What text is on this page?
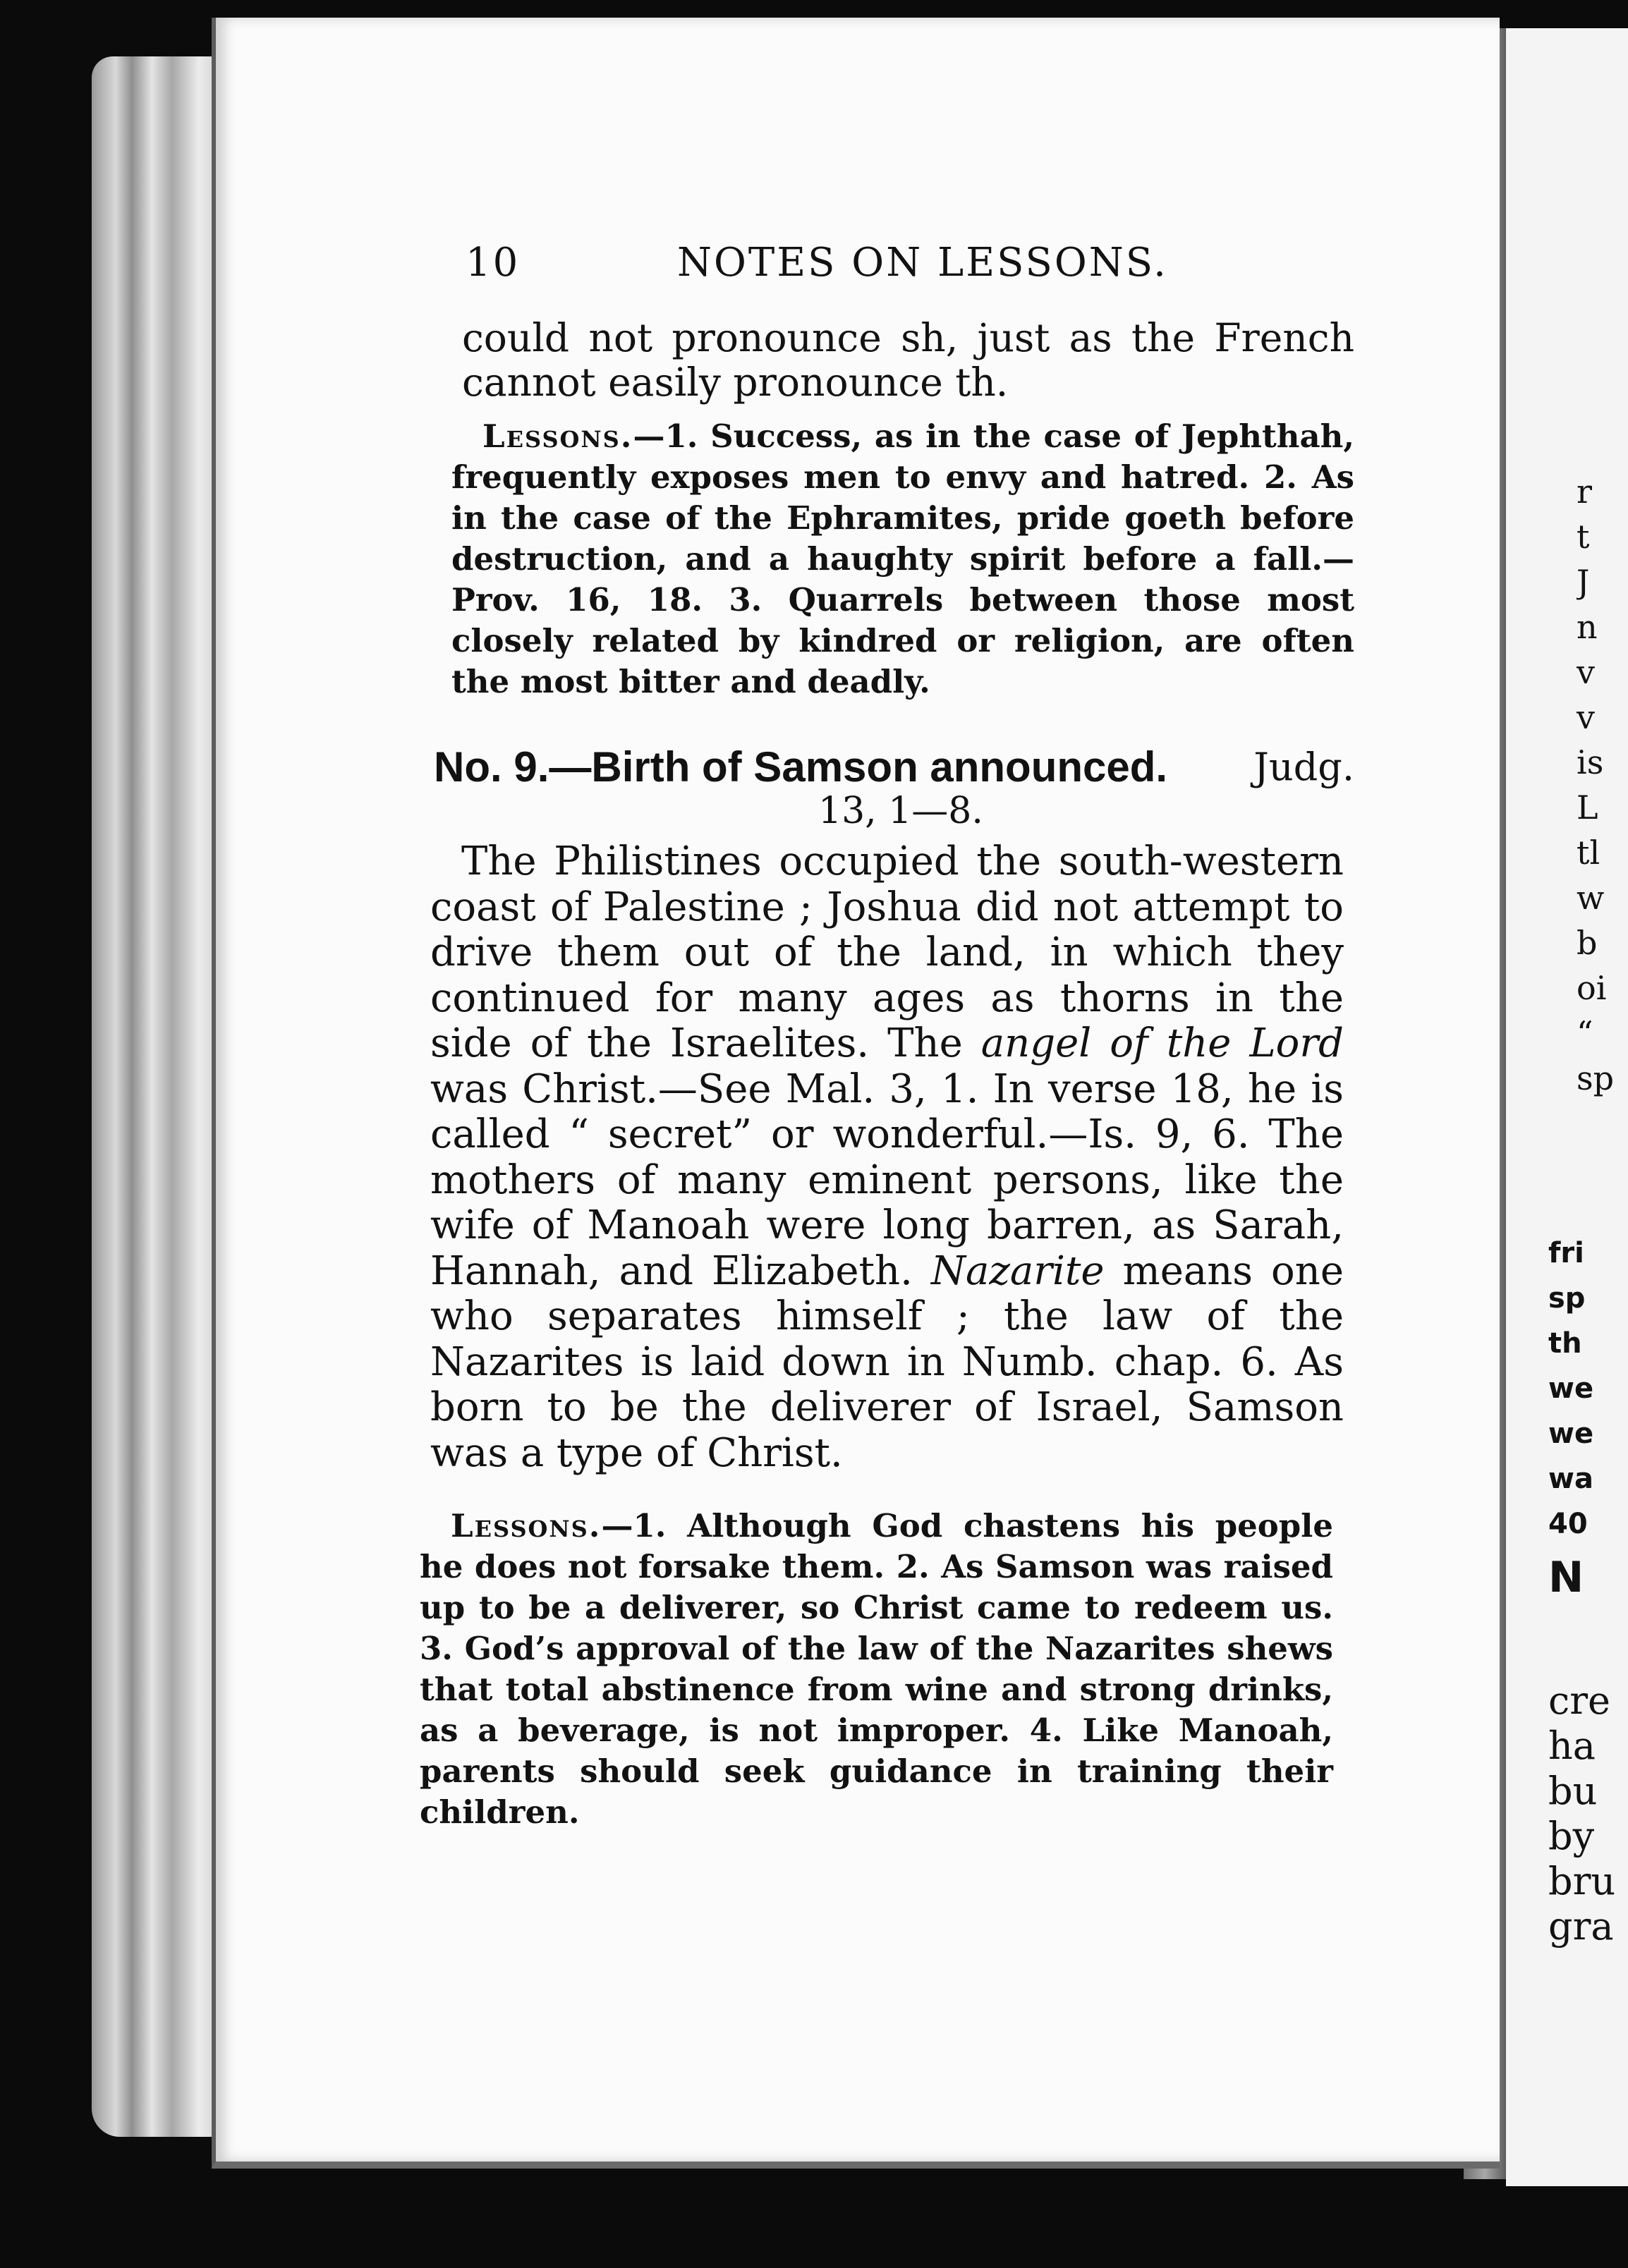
r
t
J
n
v
v
is
L
tl
w
b
oi
“
sp
fri
sp
th
we
we
wa
40
N
cre
ha
bu
by
bru
gra
10	NOTES ON LESSONS.
could not pronounce sh, just as the French cannot easily pronounce th.
Lessons.—1. Success, as in the case of Jephthah, frequently exposes men to envy and hatred. 2. As in the case of the Ephramites, pride goeth before destruction, and a haughty spirit before a fall.—Prov. 16, 18. 3. Quarrels between those most closely related by kindred or religion, are often the most bitter and deadly.
No. 9.—Birth of Samson announced. Judg.
13, 1—8.
The Philistines occupied the south-western coast of Palestine ; Joshua did not attempt to drive them out of the land, in which they continued for many ages as thorns in the side of the Israelites. The angel of the Lord was Christ.—See Mal. 3, 1. In verse 18, he is called “ secret” or wonderful.—Is. 9, 6. The mothers of many eminent persons, like the wife of Manoah were long barren, as Sarah, Hannah, and Elizabeth. Nazarite means one who separates himself ; the law of the Nazarites is laid down in Numb. chap. 6. As born to be the deliverer of Israel, Samson was a type of Christ.
Lessons.—1. Although God chastens his people he does not forsake them. 2. As Samson was raised up to be a deliverer, so Christ came to redeem us. 3. God’s approval of the law of the Nazarites shews that total abstinence from wine and strong drinks, as a beverage, is not improper. 4. Like Manoah, parents should seek guidance in training their children.
